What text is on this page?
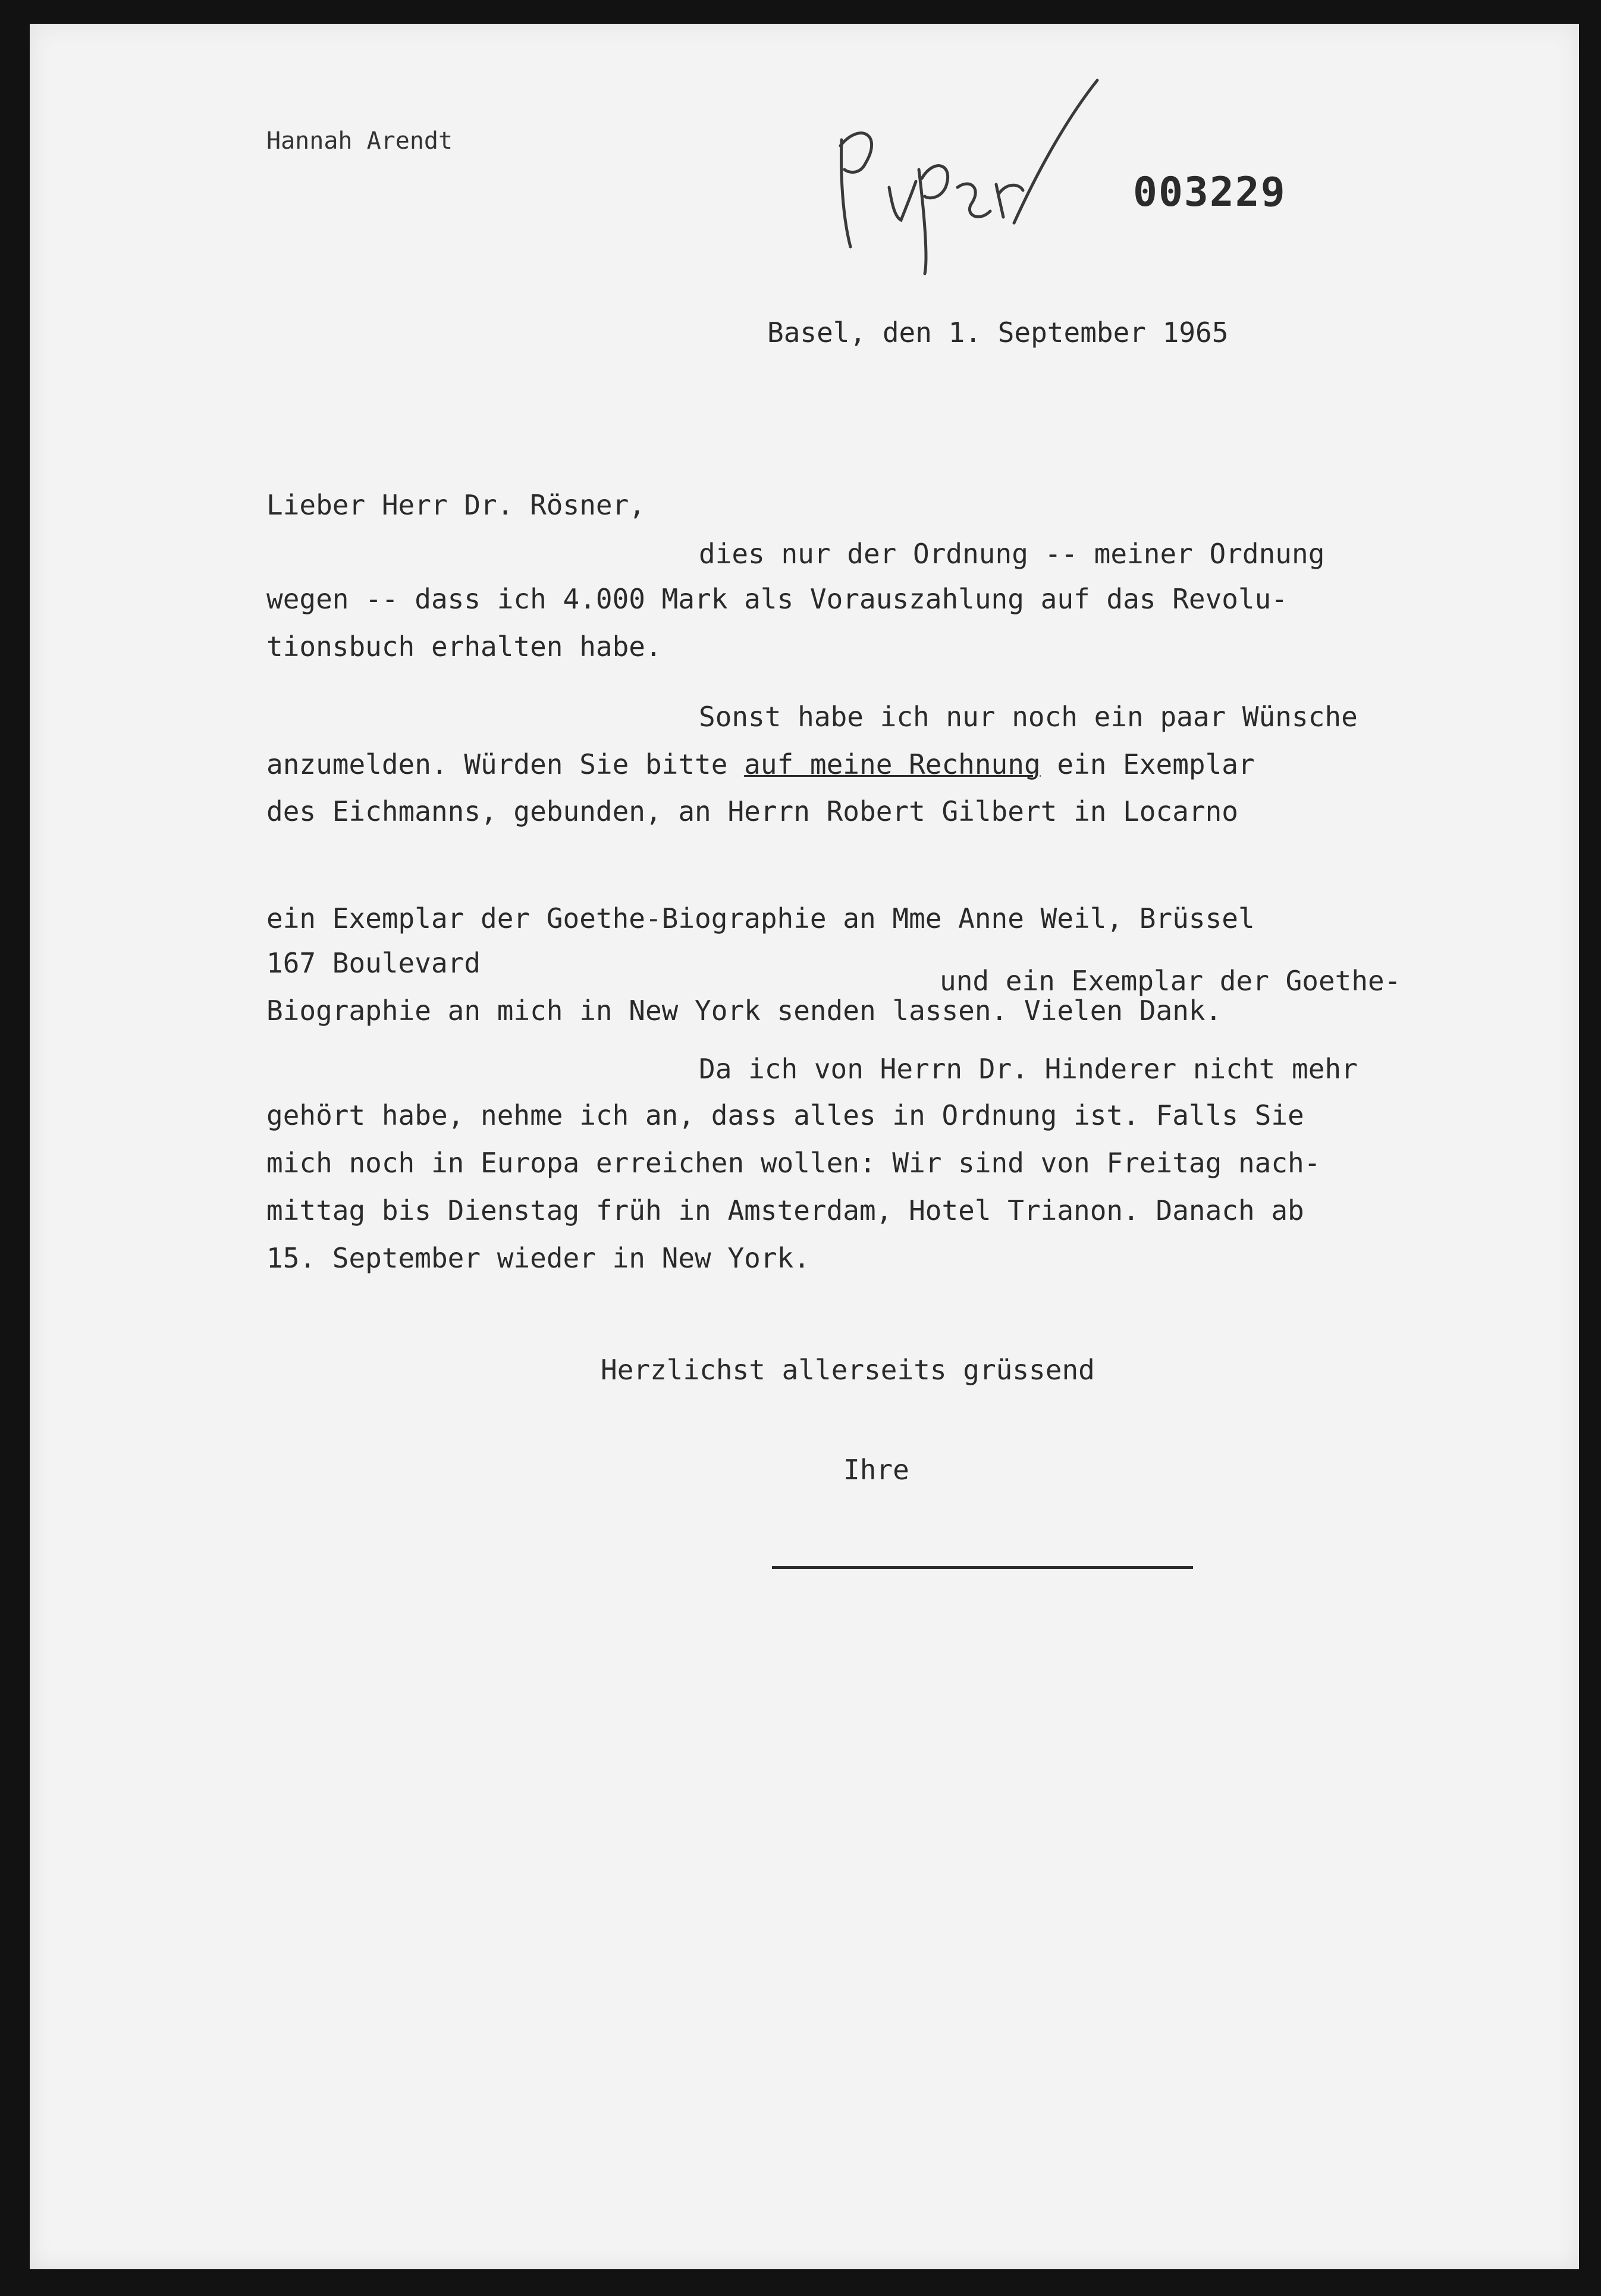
Hannah Arendt
003229
Basel, den 1. September 1965
Lieber Herr Dr. Rösner,
dies nur der Ordnung -- meiner Ordnung
wegen -- dass ich 4.000 Mark als Vorauszahlung auf das Revolu-
tionsbuch erhalten habe.
Sonst habe ich nur noch ein paar Wünsche
anzumelden. Würden Sie bitte auf meine Rechnung ein Exemplar
des Eichmanns, gebunden, an Herrn Robert Gilbert in Locarno
ein Exemplar der Goethe-Biographie an Mme Anne Weil, Brüssel
167 Boulevard
und ein Exemplar der Goethe-
Biographie an mich in New York senden lassen. Vielen Dank.
Da ich von Herrn Dr. Hinderer nicht mehr
gehört habe, nehme ich an, dass alles in Ordnung ist. Falls Sie
mich noch in Europa erreichen wollen: Wir sind von Freitag nach-
mittag bis Dienstag früh in Amsterdam, Hotel Trianon. Danach ab
15. September wieder in New York.
Herzlichst allerseits grüssend
Ihre
